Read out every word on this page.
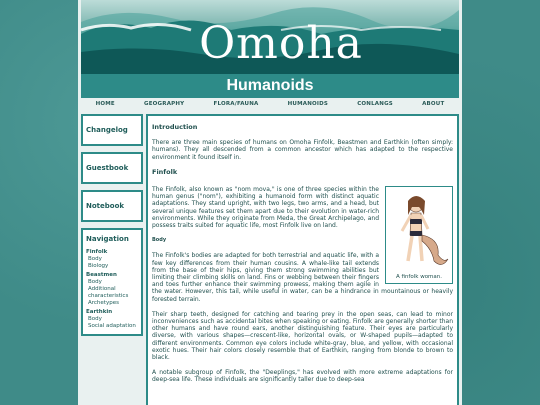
Omoha
Humanoids
HOME	GEOGRAPHY	FLORA/FAUNA	HUMANOIDS	CONLANGS	ABOUT
Changelog
Guestbook
Notebook
Navigation
Finfolk
Body
Biology
Beastmen
Body
Additional characteristics
Archetypes
Earthkin
Body
Social adaptation
Introduction

There are three main species of humans on Omoha Finfolk, Beastmen and Earthkin (often simply: humans). They all descended from a common ancestor which has adapted to the respective environment it found itself in.

Finfolk
A finfolk woman.

The Finfolk, also known as "nom mova," is one of three species within the human genus ("nom"), exhibiting a humanoid form with distinct aquatic adaptations. They stand upright, with two legs, two arms, and a head, but several unique features set them apart due to their evolution in water-rich environments. While they originate from Meda, the Great Archipelago, and possess traits suited for aquatic life, most Finfolk live on land.

Body

The Finfolk's bodies are adapted for both terrestrial and aquatic life, with a few key differences from their human cousins. A whale-like tail extends from the base of their hips, giving them strong swimming abilities but limiting their climbing skills on land. Fins or webbing between their fingers and toes further enhance their swimming prowess, making them agile in the water. However, this tail, while useful in water, can be a hindrance in mountainous or heavily forested terrain.

Their sharp teeth, designed for catching and tearing prey in the open seas, can lead to minor inconveniences such as accidental bites when speaking or eating. Finfolk are generally shorter than other humans and have round ears, another distinguishing feature. Their eyes are particularly diverse, with various shapes—crescent-like, horizontal ovals, or W-shaped pupils—adapted to different environments. Common eye colors include white-gray, blue, and yellow, with occasional exotic hues. Their hair colors closely resemble that of Earthkin, ranging from blonde to brown to black.

A notable subgroup of Finfolk, the "Deeplings," has evolved with more extreme adaptations for deep-sea life. These individuals are significantly taller due to deep-sea
